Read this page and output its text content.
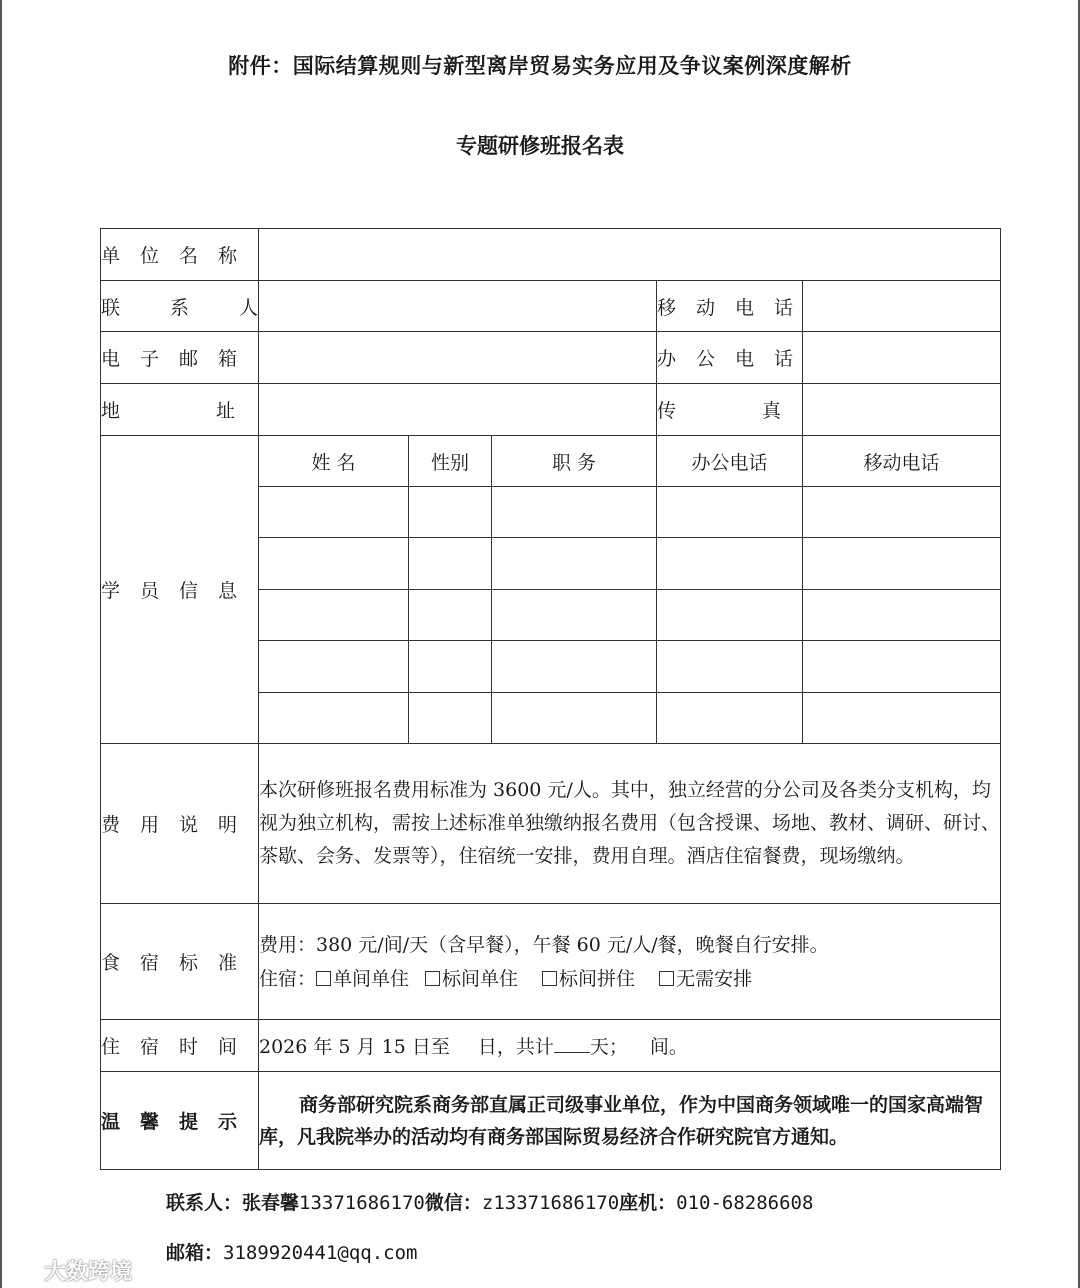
附件：国际结算规则与新型离岸贸易实务应用及争议案例深度解析
专题研修班报名表
单位名称					
联系人				移动电话	
电子邮箱				办公电话	
地址				传真	
学员信息	姓 名	性别	职 务	办公电话	移动电话

费用说明	本次研修班报名费用标准为 3600 元/人。其中，独立经营的分公司及各类分支机构，均视为独立机构，需按上述标准单独缴纳报名费用（包含授课、场地、教材、调研、研讨、茶歇、会务、发票等），住宿统一安排，费用自理。酒店住宿餐费，现场缴纳。				
食宿标准	费用：380 元/间/天（含早餐），午餐 60 元/人/餐，晚餐自行安排。
住宿： 单间单住 标间单住 标间拼住 无需安排				

住宿时间	2026 年 5 月 15 日至 日，共计 天； 间。				
温馨提示	商务部研究院系商务部直属正司级事业单位，作为中国商务领域唯一的国家高端智库，凡我院举办的活动均有商务部国际贸易经济合作研究院官方通知。				
联系人：张春馨13371686170微信：z13371686170座机：010-68286608
邮箱：3189920441@qq.com
大数跨境
